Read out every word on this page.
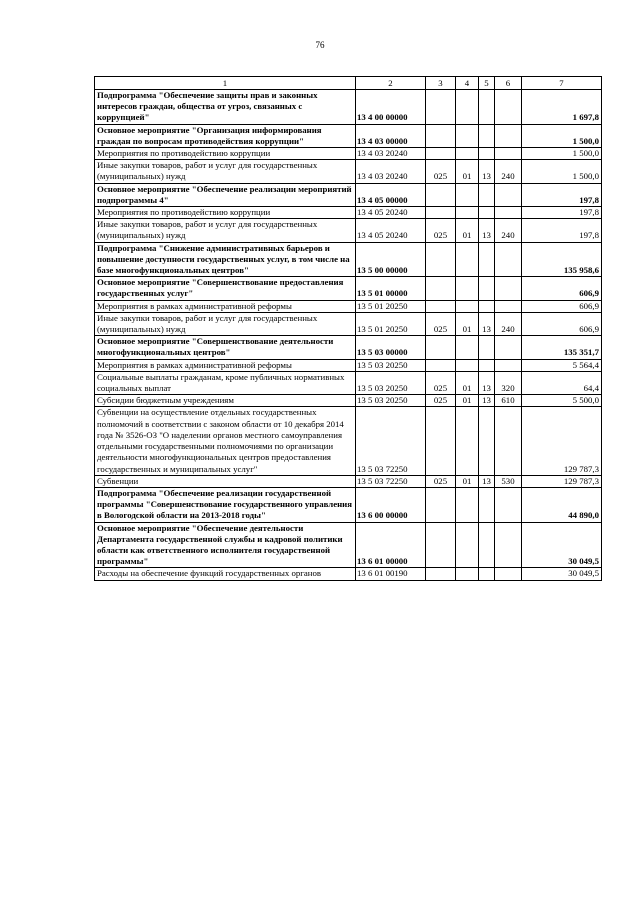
76
1	2	3	4	5	6	7
Подпрограмма "Обеспечение защиты прав и законных интересов граждан, общества от угроз, связанных с коррупцией"	13 4 00 00000					1 697,8
Основное мероприятие "Организация информирования граждан по вопросам противодействия коррупции"	13 4 03 00000					1 500,0
Мероприятия по противодействию коррупции	13 4 03 20240					1 500,0
Иные закупки товаров, работ и услуг для государственных (муниципальных) нужд	13 4 03 20240	025	01	13	240	1 500,0
Основное мероприятие "Обеспечение реализации мероприятий подпрограммы 4"	13 4 05 00000					197,8
Мероприятия по противодействию коррупции	13 4 05 20240					197,8
Иные закупки товаров, работ и услуг для государственных (муниципальных) нужд	13 4 05 20240	025	01	13	240	197,8
Подпрограмма "Снижение административных барьеров и повышение доступности государственных услуг, в том числе на базе многофункциональных центров"	13 5 00 00000					135 958,6
Основное мероприятие "Совершенствование предоставления государственных услуг"	13 5 01 00000					606,9
Мероприятия в рамках административной реформы	13 5 01 20250					606,9
Иные закупки товаров, работ и услуг для государственных (муниципальных) нужд	13 5 01 20250	025	01	13	240	606,9
Основное мероприятие "Совершенствование деятельности многофункциональных центров"	13 5 03 00000					135 351,7
Мероприятия в рамках административной реформы	13 5 03 20250					5 564,4
Социальные выплаты гражданам, кроме публичных нормативных социальных выплат	13 5 03 20250	025	01	13	320	64,4
Субсидии бюджетным учреждениям	13 5 03 20250	025	01	13	610	5 500,0
Субвенции на осуществление отдельных государственных полномочий в соответствии с законом области от 10 декабря 2014 года № 3526-ОЗ "О наделении органов местного самоуправления отдельными государственными полномочиями по организации деятельности многофункциональных центров предоставления государственных и муниципальных услуг"	13 5 03 72250					129 787,3
Субвенции	13 5 03 72250	025	01	13	530	129 787,3
Подпрограмма "Обеспечение реализации государственной программы "Совершенствование государственного управления в Вологодской области на 2013-2018 годы"	13 6 00 00000					44 890,0
Основное мероприятие "Обеспечение деятельности Департамента государственной службы и кадровой политики области как ответственного исполнителя государственной программы"	13 6 01 00000					30 049,5
Расходы на обеспечение функций государственных органов	13 6 01 00190					30 049,5
